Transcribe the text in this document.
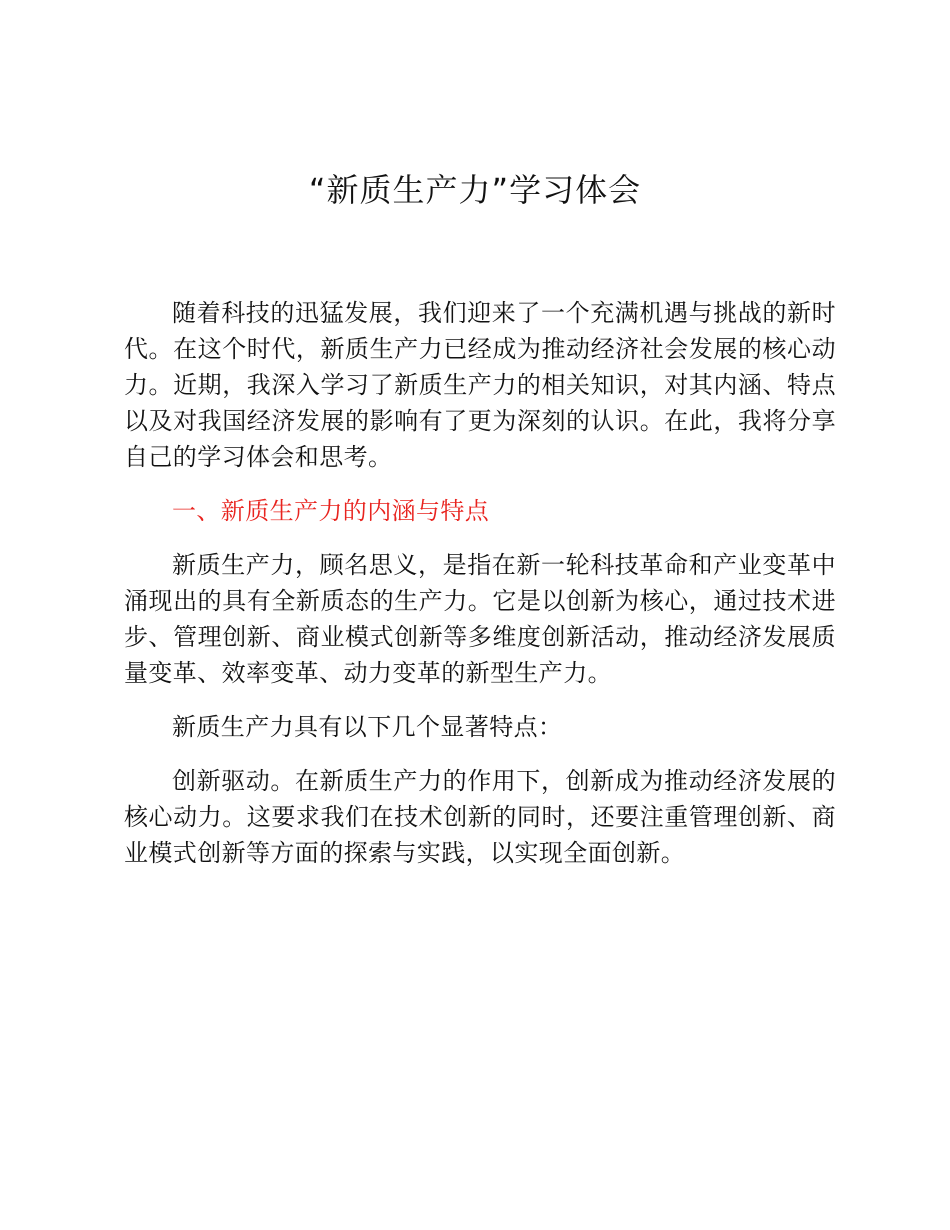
“新质生产力”学习体会

随着科技的迅猛发展，我们迎来了一个充满机遇与挑战的新时代。在这个时代，新质生产力已经成为推动经济社会发展的核心动力。近期，我深入学习了新质生产力的相关知识，对其内涵、特点以及对我国经济发展的影响有了更为深刻的认识。在此，我将分享自己的学习体会和思考。

一、新质生产力的内涵与特点

新质生产力，顾名思义，是指在新一轮科技革命和产业变革中涌现出的具有全新质态的生产力。它是以创新为核心，通过技术进步、管理创新、商业模式创新等多维度创新活动，推动经济发展质量变革、效率变革、动力变革的新型生产力。

新质生产力具有以下几个显著特点：

创新驱动。在新质生产力的作用下，创新成为推动经济发展的核心动力。这要求我们在技术创新的同时，还要注重管理创新、商业模式创新等方面的探索与实践，以实现全面创新。
